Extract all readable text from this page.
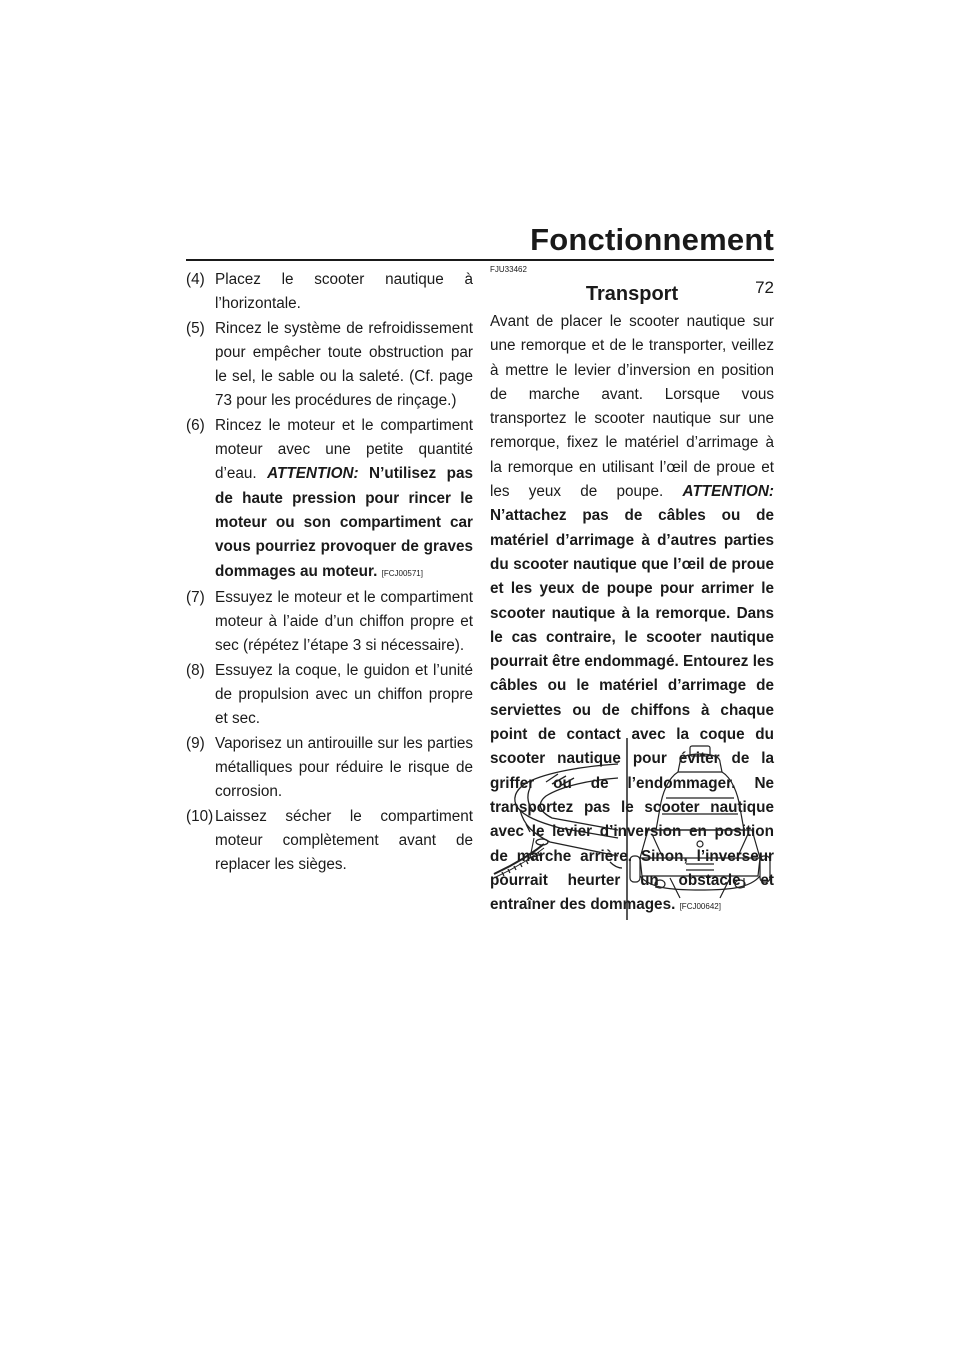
Fonctionnement
72
(4) Placez le scooter nautique à l’horizontale.
(5) Rincez le système de refroidissement pour empêcher toute obstruction par le sel, le sable ou la saleté. (Cf. page 73 pour les procédures de rinçage.)
(6) Rincez le moteur et le compartiment moteur avec une petite quantité d’eau. ATTENTION: N’utilisez pas de haute pression pour rincer le moteur ou son compartiment car vous pourriez provoquer de graves dommages au moteur. [FCJ00571]
(7) Essuyez le moteur et le compartiment moteur à l’aide d’un chiffon propre et sec (répétez l’étape 3 si nécessaire).
(8) Essuyez la coque, le guidon et l’unité de propulsion avec un chiffon propre et sec.
(9) Vaporisez un antirouille sur les parties métalliques pour réduire le risque de corrosion.
(10) Laissez sécher le compartiment moteur complètement avant de replacer les sièges.
FJU33462
Transport
Avant de placer le scooter nautique sur une remorque et de le transporter, veillez à mettre le levier d’inversion en position de marche avant. Lorsque vous transportez le scooter nautique sur une remorque, fixez le matériel d’arrimage à la remorque en utilisant l’œil de proue et les yeux de poupe. ATTENTION: N’attachez pas de câbles ou de matériel d’arrimage à d’autres parties du scooter nautique que l’œil de proue et les yeux de poupe pour arrimer le scooter nautique à la remorque. Dans le cas contraire, le scooter nautique pourrait être endommagé. Entourez les câbles ou le matériel d’arrimage de serviettes ou de chiffons à chaque point de contact avec la coque du scooter nautique pour éviter de la griffer ou de l’endommager. Ne transportez pas le scooter nautique avec le levier d’inversion en position de marche arrière. Sinon, l’inverseur pourrait heurter un obstacle et entraîner des dommages. [FCJ00642]
